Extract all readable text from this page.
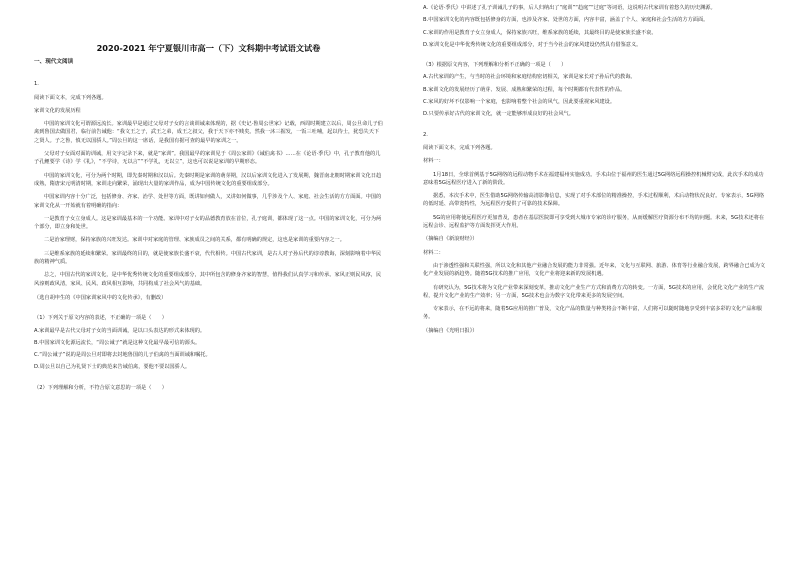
2020-2021 年宁夏银川市高一（下）文科期中考试语文试卷
一、现代文阅读
1.
阅读下面文本，完成下列各题。
家训文化的发展历程
中国的家训文化可谓源远流长。家训最早是通过父母对子女的言谈训诫来体现的，据《史记·鲁周公世家》记载，西周时期建立以后，周公旦命儿子伯禽到鲁国去做国君，临行前告诫他：“我文王之子，武王之弟，成王之叔父，我于天下亦不贱矣。然我一沐三握发，一饭三吐哺，起以待士，犹恐失天下之贤人。子之鲁，慎无以国骄人。”周公旦的这一席话，是我国有据可查的最早的家训之一。
父母对子女面对面的训诫，用文字记录下来，就是“家训”。我国最早的家训见于《周公家训》《诫伯禽书》……在《论语·季氏》中，孔子教育他的儿子孔鲤要学《诗》学《礼》，“不学诗，无以言”“不学礼，无以立”，这也可以说是家训的早期形态。
中国的家训文化，可分为两个时期，即先秦时期和汉以后。先秦时期是家训的萌芽期，汉以后家训文化进入了发展期，魏晋南北朝时期家训文化日趋成熟，隋唐宋元明清时期，家训走向繁荣，涌现出大量的家训作品，成为中国传统文化的重要组成部分。
中国家训内容十分广泛，包括修身、齐家、治学、处世等方面，既讲如何做人，又讲如何做事，几乎涉及个人、家庭、社会生活的方方面面。中国的家训文化从一开始就有着明确的指向：
一是教育子女立身成人。这是家训最基本的一个功能。家训中对子女的品德教育放在首位，孔子庭训，都体现了这一点。中国的家训文化，可分为两个部分，即立身和处世。
二是治家理财，保持家族的兴旺发达。家训中对家庭的管理、家族成员之间的关系，都有明确的规定，这也是家训的重要内容之一。
三是维系家族的延续和繁荣。家训最终的目的，就是使家族长盛不衰，代代相传。中国古代家训，是古人对子孙后代的谆谆教诲，深刻影响着中华民族的精神气质。
总之，中国古代的家训文化，是中华优秀传统文化的重要组成部分，其中所包含的修身齐家的智慧，值得我们认真学习和传承。家风正则民风淳，民风淳则政风清，家风、民风、政风相互影响，共同构成了社会风气的基础。
（选自胡申生的《中国家训家风中的文化传承》，有删改）
（1）下列关于原文内容的表述，不正确的一项是（　　）
A.家训最早是古代父母对子女的当面训诫，是以口头表达的形式来体现的。
B.中国家训文化源远流长，“周公诫子”就是这种文化最早最可信的源头。
C.“周公诫子”说的是周公旦对即将去封地鲁国的儿子伯禽的当面训诫和嘱托。
D.周公旦以自己为礼贤下士的典范来告诫伯禽，要他不要以国骄人。
（2）下列理解和分析，不符合原文意思的一项是（　　）
A.《论语·季氏》中讲述了孔子训诫儿子的事，后人归纳出了“庭训”“趋庭”“过庭”等词语，这说明古代家训有着悠久的历史渊源。
B.中国家训文化的内容既包括修身的方面，也涉及齐家、处世的方面，内容丰富，涵盖了个人、家庭和社会生活的方方面面。
C.家训的作用是教育子女立身成人，保持家族兴旺，维系家族的延续，其最终目的是使家族长盛不衰。
D.家训文化是中华优秀传统文化的重要组成部分，对于当今社会的家风建设仍然具有借鉴意义。
（3）根据原文内容，下列理解和分析不正确的一项是（　　）
A.古代家训的产生，与当时的社会环境和家庭结构密切相关，家训是家长对子孙后代的教诲。
B.家训文化的发展经历了萌芽、发展、成熟和繁荣的过程，每个时期都有代表性的作品。
C.家风的好坏不仅影响一个家庭，也影响着整个社会的风气，因此要重视家风建设。
D.只要传承好古代的家训文化，就一定能够形成良好的社会风气。
2.
阅读下面文本，完成下列各题。
材料一：
1月18日，全球首例基于5G网络的远程动物手术在福建福州实施成功。手术由位于福州的医生通过5G网络远程操控机械臂完成，此次手术的成功意味着5G远程医疗进入了新的阶段。
据悉，本次手术中，医生借助5G网络传输高清影像信息，实现了对手术部位的精准操控，手术过程顺利，术后动物状况良好。专家表示，5G网络的低时延、高带宽特性，为远程医疗提供了可靠的技术保障。
5G的应用将使远程医疗更加普及，患者在基层医院即可享受到大城市专家的诊疗服务，从而缓解医疗资源分布不均的问题。未来，5G技术还将在远程会诊、远程监护等方面发挥更大作用。
（摘编自《新浪财经》）
材料二：
由于渗透性强和关联性强，所以文化和其他产业融合发展的能力非常强。近年来，文化与互联网、旅游、体育等行业融合发展，跨界融合已成为文化产业发展的新趋势。随着5G技术的推广应用，文化产业将迎来新的发展机遇。
有研究认为，5G技术将为文化产业带来深刻变革，推动文化产业生产方式和消费方式的转变。一方面，5G技术的应用，会优化文化产业的生产流程，提升文化产业的生产效率；另一方面，5G技术也会为数字文化带来更多的发展空间。
专家表示，在不远的将来，随着5G应用的推广普及，文化产品的数量与种类将会不断丰富，人们将可以随时随地享受到丰富多彩的文化产品和服务。
（摘编自《光明日报》）
